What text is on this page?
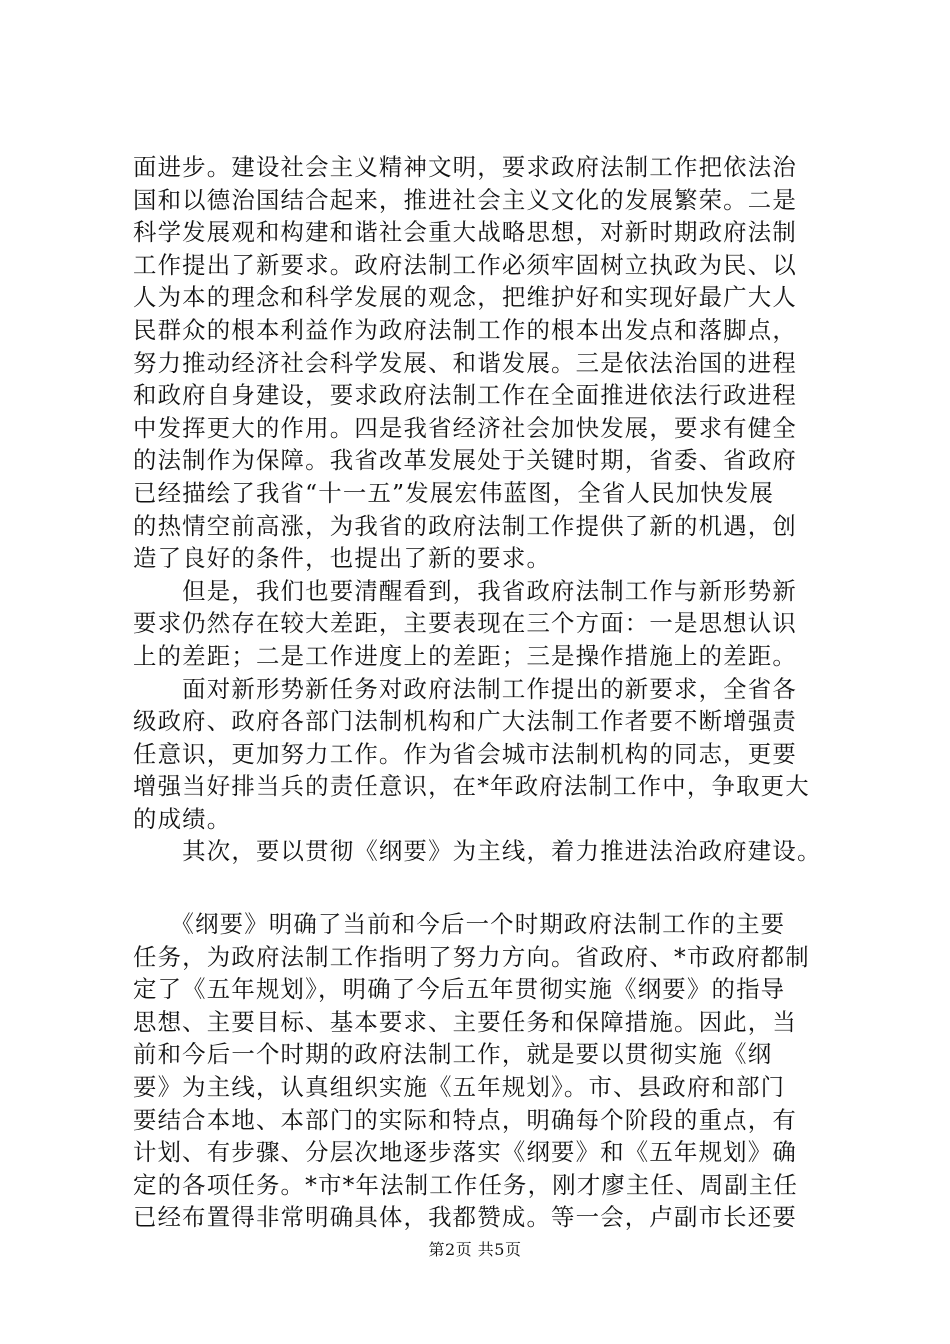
面进步。建设社会主义精神文明，要求政府法制工作把依法治
国和以德治国结合起来，推进社会主义文化的发展繁荣。二是
科学发展观和构建和谐社会重大战略思想，对新时期政府法制
工作提出了新要求。政府法制工作必须牢固树立执政为民、以
人为本的理念和科学发展的观念，把维护好和实现好最广大人
民群众的根本利益作为政府法制工作的根本出发点和落脚点，
努力推动经济社会科学发展、和谐发展。三是依法治国的进程
和政府自身建设，要求政府法制工作在全面推进依法行政进程
中发挥更大的作用。四是我省经济社会加快发展，要求有健全
的法制作为保障。我省改革发展处于关键时期，省委、省政府
已经描绘了我省“十一五”发展宏伟蓝图，全省人民加快发展
的热情空前高涨，为我省的政府法制工作提供了新的机遇，创
造了良好的条件，也提出了新的要求。
　　但是，我们也要清醒看到，我省政府法制工作与新形势新
要求仍然存在较大差距，主要表现在三个方面：一是思想认识
上的差距；二是工作进度上的差距；三是操作措施上的差距。
　　面对新形势新任务对政府法制工作提出的新要求，全省各
级政府、政府各部门法制机构和广大法制工作者要不断增强责
任意识，更加努力工作。作为省会城市法制机构的同志，更要
增强当好排当兵的责任意识，在*年政府法制工作中，争取更大
的成绩。
　　其次，要以贯彻《纲要》为主线，着力推进法治政府建设。
　　《纲要》明确了当前和今后一个时期政府法制工作的主要
任务，为政府法制工作指明了努力方向。省政府、*市政府都制
定了《五年规划》，明确了今后五年贯彻实施《纲要》的指导
思想、主要目标、基本要求、主要任务和保障措施。因此，当
前和今后一个时期的政府法制工作，就是要以贯彻实施《纲
要》为主线，认真组织实施《五年规划》。市、县政府和部门
要结合本地、本部门的实际和特点，明确每个阶段的重点，有
计划、有步骤、分层次地逐步落实《纲要》和《五年规划》确
定的各项任务。*市*年法制工作任务，刚才廖主任、周副主任
已经布置得非常明确具体，我都赞成。等一会，卢副市长还要
第2页 共5页
